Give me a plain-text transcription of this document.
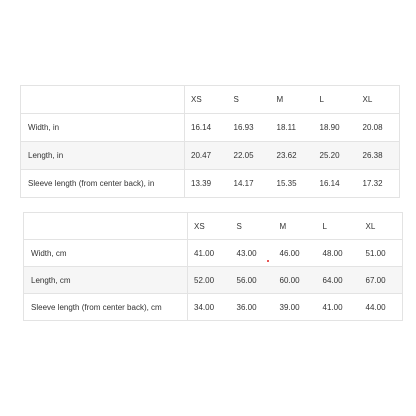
	XS	S	M	L	XL
Width, in	16.14	16.93	18.11	18.90	20.08
Length, in	20.47	22.05	23.62	25.20	26.38
Sleeve length (from center back), in	13.39	14.17	15.35	16.14	17.32
	XS	S	M	L	XL
Width, cm	41.00	43.00	46.00	48.00	51.00
Length, cm	52.00	56.00	60.00	64.00	67.00
Sleeve length (from center back), cm	34.00	36.00	39.00	41.00	44.00
